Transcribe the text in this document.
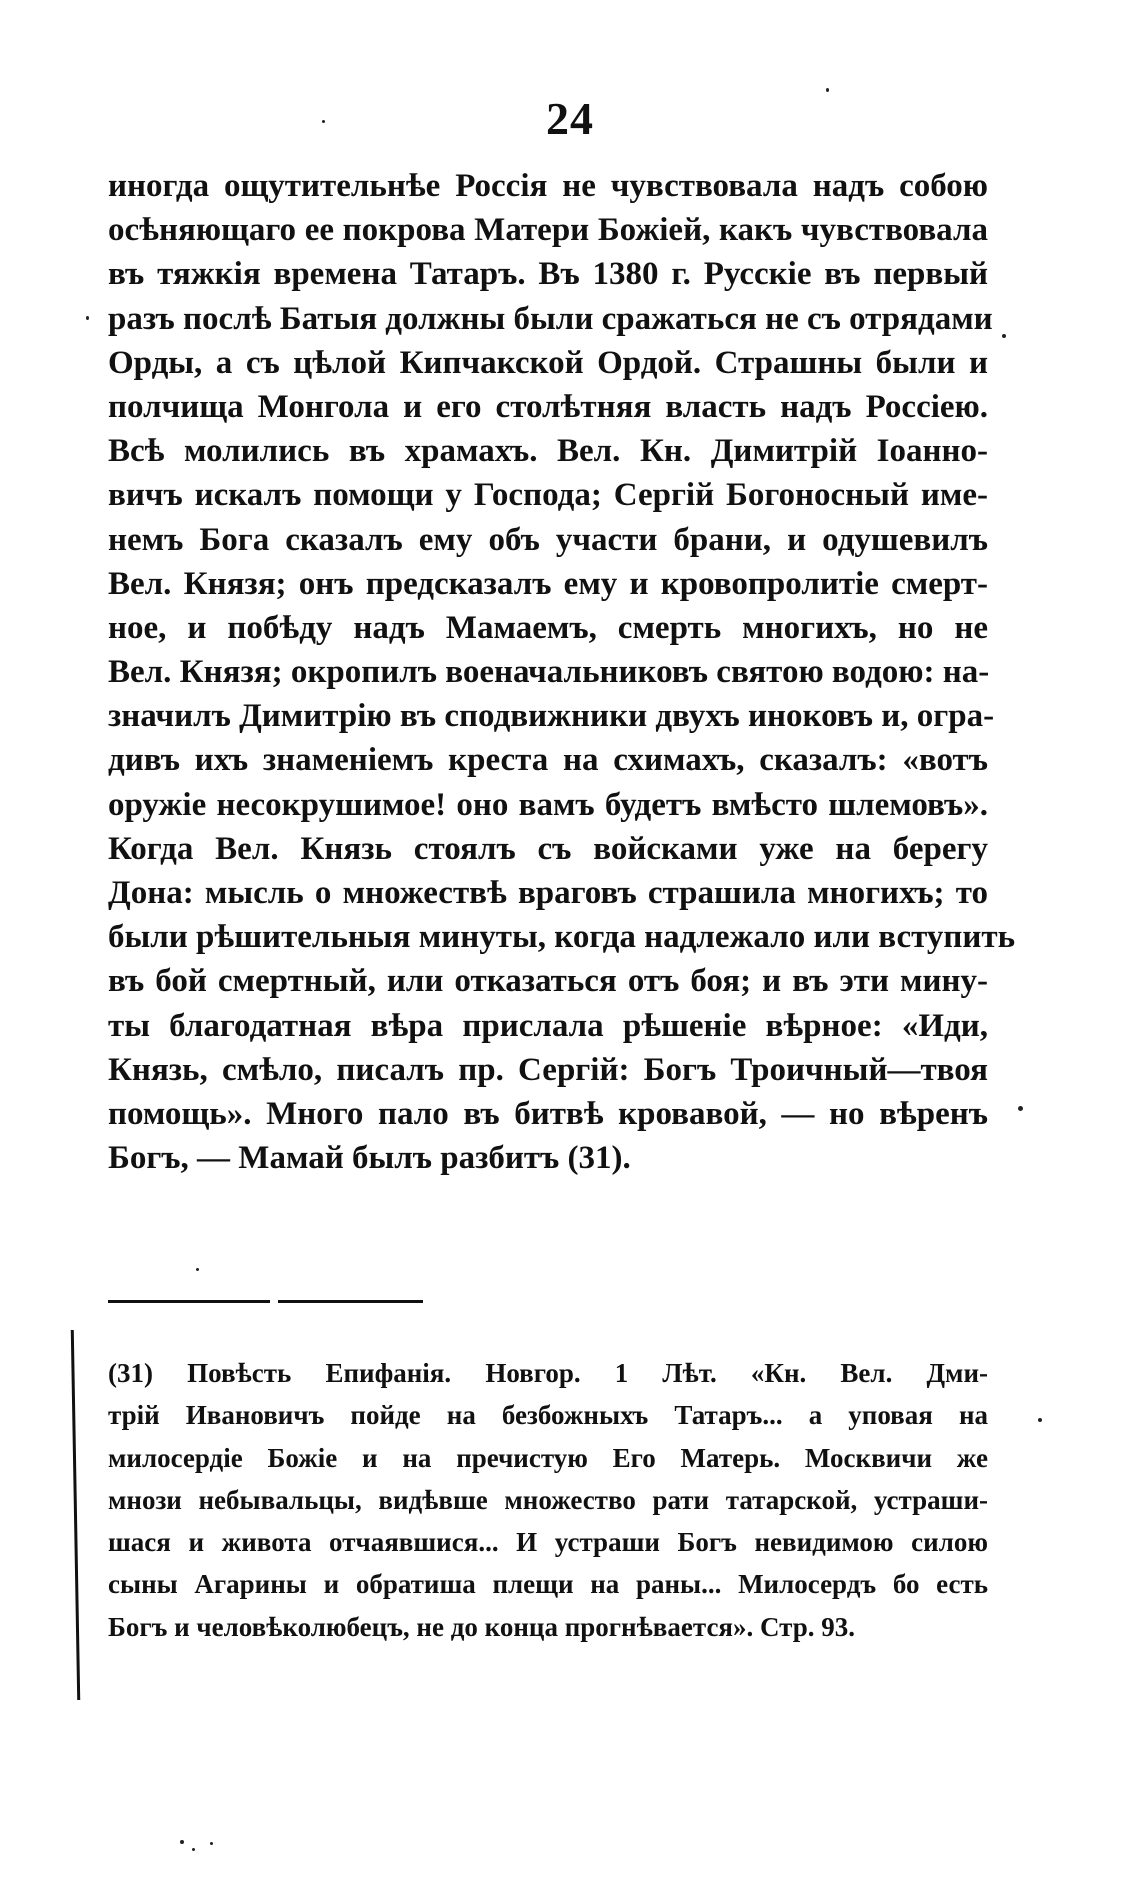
24
иногда ощутительнѣе Россія не чувствовала надъ собою
осѣняющаго ее покрова Матери Божіей, какъ чувствовала
въ тяжкія времена Татаръ. Въ 1380 г. Русскіе въ первый
разъ послѣ Батыя должны были сражаться не съ отрядами
Орды, а съ цѣлой Кипчакской Ордой. Страшны были и
полчища Монгола и его столѣтняя власть надъ Россіею.
Всѣ молились въ храмахъ. Вел. Кн. Димитрій Іоанно-
вичъ искалъ помощи у Господа; Сергій Богоносный име-
немъ Бога сказалъ ему объ участи брани, и одушевилъ
Вел. Князя; онъ предсказалъ ему и кровопролитіе смерт-
ное, и побѣду надъ Мамаемъ, смерть многихъ, но не
Вел. Князя; окропилъ военачальниковъ святою водою: на-
значилъ Димитрію въ сподвижники двухъ иноковъ и, огра-
дивъ ихъ знаменіемъ креста на схимахъ, сказалъ: «вотъ
оружіе несокрушимое! оно вамъ будетъ вмѣсто шлемовъ».
Когда Вел. Князь стоялъ съ войсками уже на берегу
Дона: мысль о множествѣ враговъ страшила многихъ; то
были рѣшительныя минуты, когда надлежало или вступить
въ бой смертный, или отказаться отъ боя; и въ эти мину-
ты благодатная вѣра прислала рѣшеніе вѣрное: «Иди,
Князь, смѣло, писалъ пр. Сергій: Богъ Троичный—твоя
помощь». Много пало въ битвѣ кровавой, — но вѣренъ
Богъ, — Мамай былъ разбитъ (31).
(31) Повѣсть Епифанія. Новгор. 1 Лѣт. «Кн. Вел. Дми-
трій Ивановичъ пойде на безбожныхъ Татаръ... а уповая на
милосердіе Божіе и на пречистую Его Матерь. Москвичи же
мнози небывальцы, видѣвше множество рати татарской, устраши-
шася и живота отчаявшися... И устраши Богъ невидимою силою
сыны Агарины и обратиша плещи на раны... Милосердъ бо есть
Богъ и человѣколюбецъ, не до конца прогнѣвается». Стр. 93.
